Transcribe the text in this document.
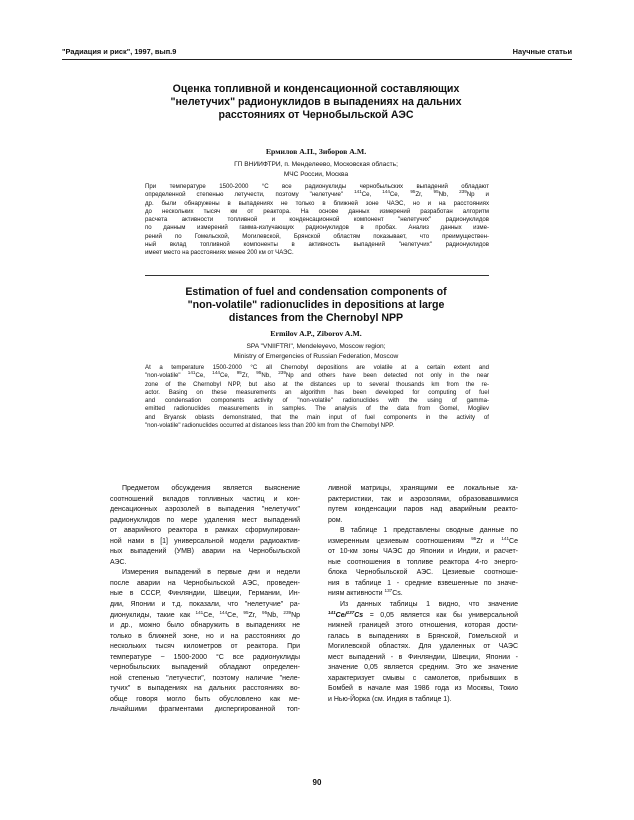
"Радиация и риск", 1997, вып.9	Научные статьи
Оценка топливной и конденсационной составляющих
"нелетучих" радионуклидов в выпадениях на дальних
расстояниях от Чернобыльской АЭС
Ермилов А.П., Зиборов А.М.
ГП ВНИИФТРИ, п. Менделеево, Московская область;
МЧС России, Москва
При температуре 1500-2000 °С все радионуклиды чернобыльских выпадений обладают
определенной степенью летучести, поэтому "нелетучие" $^{141}$Ce, $^{144}$Ce, $^{95}$Zr, $^{95}$Nb, $^{239}$Np и
др. были обнаружены в выпадениях не только в ближней зоне ЧАЭС, но и на расстояниях
до нескольких тысяч км от реактора. На основе данных измерений разработан алгоритм
расчета активности топливной и конденсационной компонент "нелетучих" радионуклидов
по данным измерений гамма-излучающих радионуклидов в пробах. Анализ данных изме-
рений по Гомельской, Могилевской, Брянской областям показывает, что преимуществен-
ный вклад топливной компоненты в активность выпадений "нелетучих" радионуклидов
имеет место на расстояниях менее 200 км от ЧАЭС.
Estimation of fuel and condensation components of
"non-volatile" radionuclides in depositions at large
distances from the Chernobyl NPP
Ermilov A.P., Ziborov A.M.
SPA "VNIIFTRI", Mendeleyevo, Moscow region;
Ministry of Emergencies of Russian Federation, Moscow
At a temperature 1500-2000 °C all Chernobyl depositions are volatile at a certain extent and
"non-volatile" $^{141}$Ce, $^{144}$Ce, $^{95}$Zr, $^{95}$Nb, $^{239}$Np and others have been detected not only in the near
zone of the Chernobyl NPP, but also at the distances up to several thousands km from the re-
actor. Basing on these measurements an algorithm has been developed for computing of fuel
and condensation components activity of "non-volatile" radionuclides with the using of gamma-
emitted radionuclides measurements in samples. The analysis of the data from Gomel, Mogilev
and Bryansk oblasts demonstrated, that the main input of fuel components in the activity of
"non-volatile" radionuclides occurred at distances less than 200 km from the Chernobyl NPP.
Предметом обсуждения является выяснение
соотношений вкладов топливных частиц и кон-
денсационных аэрозолей в выпадения "нелетучих"
радионуклидов по мере удаления мест выпадений
от аварийного реактора в рамках сформулирован-
ной нами в [1] универсальной модели радиоактив-
ных выпадений (УМВ) аварии на Чернобыльской
АЭС.
Измерения выпадений в первые дни и недели
после аварии на Чернобыльской АЭС, проведен-
ные в СССР, Финляндии, Швеции, Германии, Ин-
дии, Японии и т.д. показали, что "нелетучие" ра-
дионуклиды, такие как $^{141}$Ce, $^{144}$Ce, $^{95}$Zr, $^{95}$Nb, $^{239}$Np
и др., можно было обнаружить в выпадениях не
только в ближней зоне, но и на расстояниях до
нескольких тысяч километров от реактора. При
температуре ~ 1500-2000 °С все радионуклиды
чернобыльских выпадений обладают определен-
ной степенью "летучести", поэтому наличие "неле-
тучих" в выпадениях на дальних расстояниях во-
обще говоря могло быть обусловлено как ме-
льчайшими фрагментами диспергированной топ-
ливной матрицы, хранящими ее локальные ха-
рактеристики, так и аэрозолями, образовавшимися
путем конденсации паров над аварийным реакто-
ром.
В таблице 1 представлены сводные данные по
измеренным цезиевым соотношениям $^{95}$Zr и $^{141}$Ce
от 10-км зоны ЧАЭС до Японии и Индии, и расчет-
ные соотношения в топливе реактора 4-го энерго-
блока Чернобыльской АЭС. Цезиевые соотноше-
ния в таблице 1 - средние взвешенные по значе-
ниям активности $^{137}$Cs.
Из данных таблицы 1 видно, что значение
$^{141}$Ce/$^{137}$Cs = 0,05 является как бы универсальной
нижней границей этого отношения, которая дости-
галась в выпадениях в Брянской, Гомельской и
Могилевской областях. Для удаленных от ЧАЭС
мест выпадений - в Финляндии, Швеции, Японии -
значение 0,05 является средним. Это же значение
характеризует смывы с самолетов, прибывших в
Бомбей в начале мая 1986 года из Москвы, Токио
и Нью-Йорка (см. Индия в таблице 1).
90
